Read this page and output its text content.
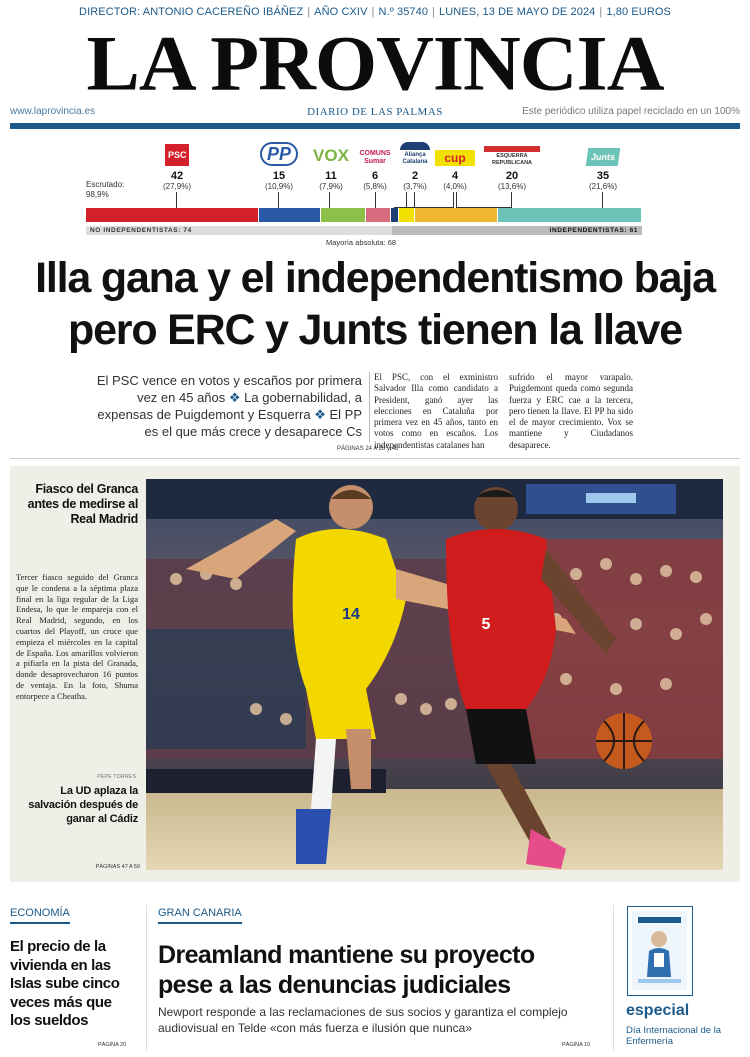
DIRECTOR: ANTONIO CACEREÑO IBÁÑEZ | AÑO CXIV | N.º 35740 | LUNES, 13 DE MAYO DE 2024 | 1,80 EUROS
LA PROVINCIA
DIARIO DE LAS PALMAS
www.laprovincia.es	Este periódico utiliza papel reciclado en un 100%
Escrutado:
98,9%
PSC
42
(27,9%)
PP
15
(10,9%)
VOX
11
(7,9%)
COMUNS Sumar
6
(5,8%)
Aliança Catalana
2
(3,7%)
cup
4
(4,0%)
ESQUERRA REPUBLICANA
20
(13,6%)
Junts
35
(21,6%)
NO INDEPENDENTISTAS: 74	INDEPENDENTISTAS: 61
Mayoría absoluta: 68
Illa gana y el independentismo baja
pero ERC y Junts tienen la llave
El PSC vence en votos y escaños por primera vez en 45 años ❖ La gobernabilidad, a expensas de Puigdemont y Esquerra ❖ El PP es el que más crece y desaparece Cs
El PSC, con el exministro Salvador Illa como candidato a President, ganó ayer las elecciones en Cataluña por primera vez en 45 años, tanto en votos como en escaños. Los independentistas catalanes han
sufrido el mayor varapalo. Puigdemont queda como segunda fuerza y ERC cae a la tercera, pero tienen la llave. El PP ha sido el de mayor crecimiento. Vox se mantiene y Ciudadanos desaparece.
PÁGINAS 24 A 28 y 48
Fiasco del Granca antes de medirse al Real Madrid
Tercer fiasco seguido del Granca que le condena a la séptima plaza final en la liga regular de la Liga Endesa, lo que le empareja con el Real Madrid, segundo, en los cuartos del Playoff, un cruce que empieza el miércoles en la capital de España. Los amarillos volvieron a pifiarla en la pista del Granada, donde desaprovecharon 16 puntos de ventaja. En la foto, Shuma entorpece a Cheatha.
PEPE TORRES
La UD aplaza la salvación después de ganar al Cádiz
PÁGINAS 47 A 59
14
5
ECONOMÍA
El precio de la vivienda en las Islas sube cinco veces más que los sueldos
PÁGINA 20
GRAN CANARIA
Dreamland mantiene su proyecto pese a las denuncias judiciales
Newport responde a las reclamaciones de sus socios y garantiza el complejo audiovisual en Telde «con más fuerza e ilusión que nunca»
PÁGINA 10
especial
Día Internacional de la Enfermería
